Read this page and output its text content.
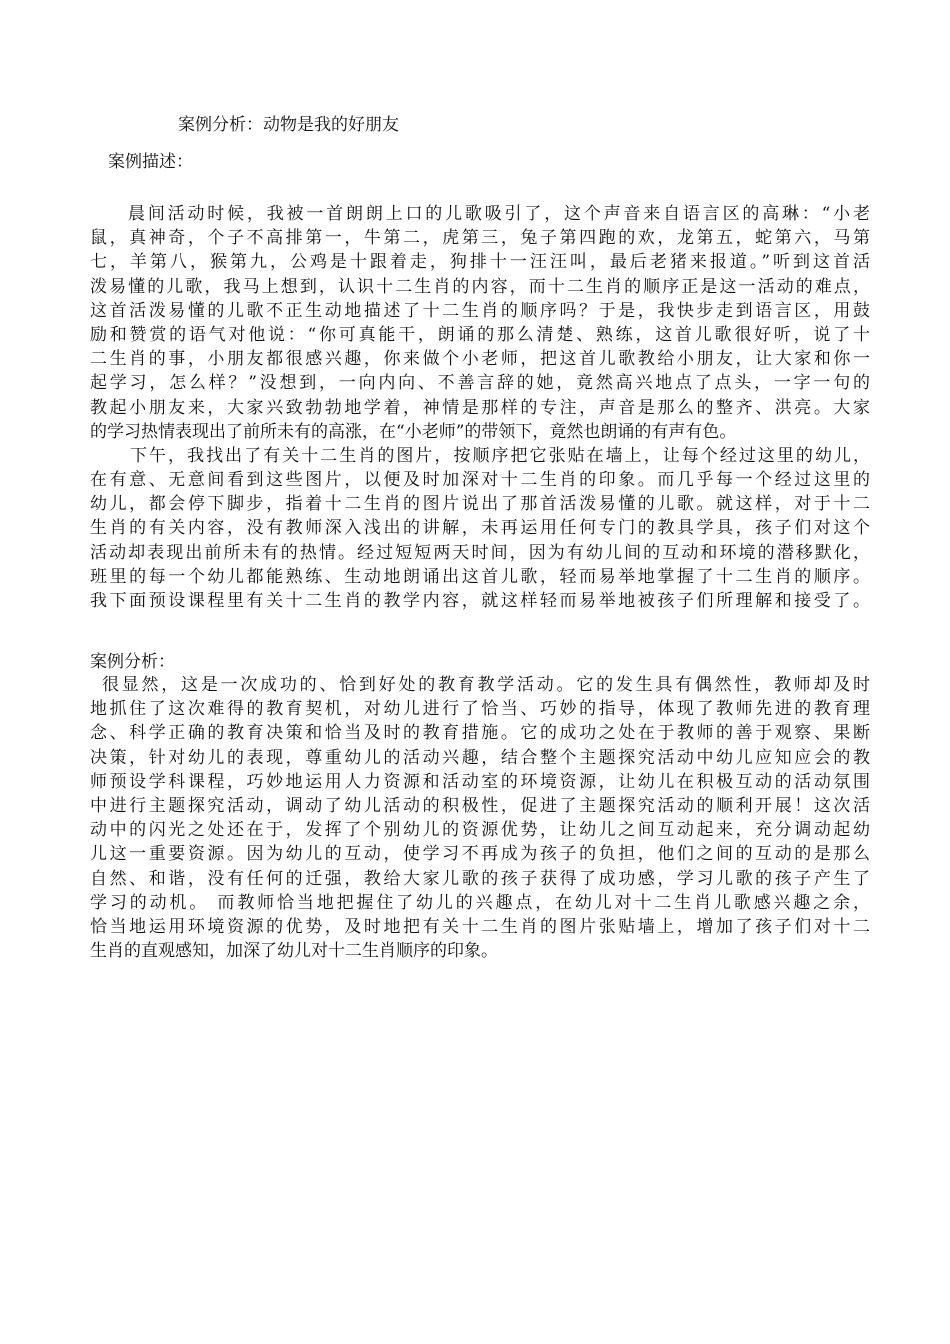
案例分析：动物是我的好朋友
案例描述：
晨间活动时候，我被一首朗朗上口的儿歌吸引了，这个声音来自语言区的高琳：“小老
鼠，真神奇，个子不高排第一，牛第二，虎第三，兔子第四跑的欢，龙第五，蛇第六，马第
七，羊第八，猴第九，公鸡是十跟着走，狗排十一汪汪叫，最后老猪来报道。”听到这首活
泼易懂的儿歌，我马上想到，认识十二生肖的内容，而十二生肖的顺序正是这一活动的难点，
这首活泼易懂的儿歌不正生动地描述了十二生肖的顺序吗？于是，我快步走到语言区，用鼓
励和赞赏的语气对他说：“你可真能干，朗诵的那么清楚、熟练，这首儿歌很好听，说了十
二生肖的事，小朋友都很感兴趣，你来做个小老师，把这首儿歌教给小朋友，让大家和你一
起学习，怎么样？”没想到，一向内向、不善言辞的她，竟然高兴地点了点头，一字一句的
教起小朋友来，大家兴致勃勃地学着，神情是那样的专注，声音是那么的整齐、洪亮。大家
的学习热情表现出了前所未有的高涨，在“小老师”的带领下，竟然也朗诵的有声有色。
下午，我找出了有关十二生肖的图片，按顺序把它张贴在墙上，让每个经过这里的幼儿，
在有意、无意间看到这些图片，以便及时加深对十二生肖的印象。而几乎每一个经过这里的
幼儿，都会停下脚步，指着十二生肖的图片说出了那首活泼易懂的儿歌。就这样，对于十二
生肖的有关内容，没有教师深入浅出的讲解，未再运用任何专门的教具学具，孩子们对这个
活动却表现出前所未有的热情。经过短短两天时间，因为有幼儿间的互动和环境的潜移默化，
班里的每一个幼儿都能熟练、生动地朗诵出这首儿歌，轻而易举地掌握了十二生肖的顺序。
我下面预设课程里有关十二生肖的教学内容，就这样轻而易举地被孩子们所理解和接受了。
案例分析：
很显然，这是一次成功的、恰到好处的教育教学活动。它的发生具有偶然性，教师却及时
地抓住了这次难得的教育契机，对幼儿进行了恰当、巧妙的指导，体现了教师先进的教育理
念、科学正确的教育决策和恰当及时的教育措施。它的成功之处在于教师的善于观察、果断
决策，针对幼儿的表现，尊重幼儿的活动兴趣，结合整个主题探究活动中幼儿应知应会的教
师预设学科课程，巧妙地运用人力资源和活动室的环境资源，让幼儿在积极互动的活动氛围
中进行主题探究活动，调动了幼儿活动的积极性，促进了主题探究活动的顺利开展！这次活
动中的闪光之处还在于，发挥了个别幼儿的资源优势，让幼儿之间互动起来，充分调动起幼
儿这一重要资源。因为幼儿的互动，使学习不再成为孩子的负担，他们之间的互动的是那么
自然、和谐，没有任何的迁强，教给大家儿歌的孩子获得了成功感，学习儿歌的孩子产生了
学习的动机。 而教师恰当地把握住了幼儿的兴趣点，在幼儿对十二生肖儿歌感兴趣之余，
恰当地运用环境资源的优势，及时地把有关十二生肖的图片张贴墙上，增加了孩子们对十二
生肖的直观感知，加深了幼儿对十二生肖顺序的印象。
